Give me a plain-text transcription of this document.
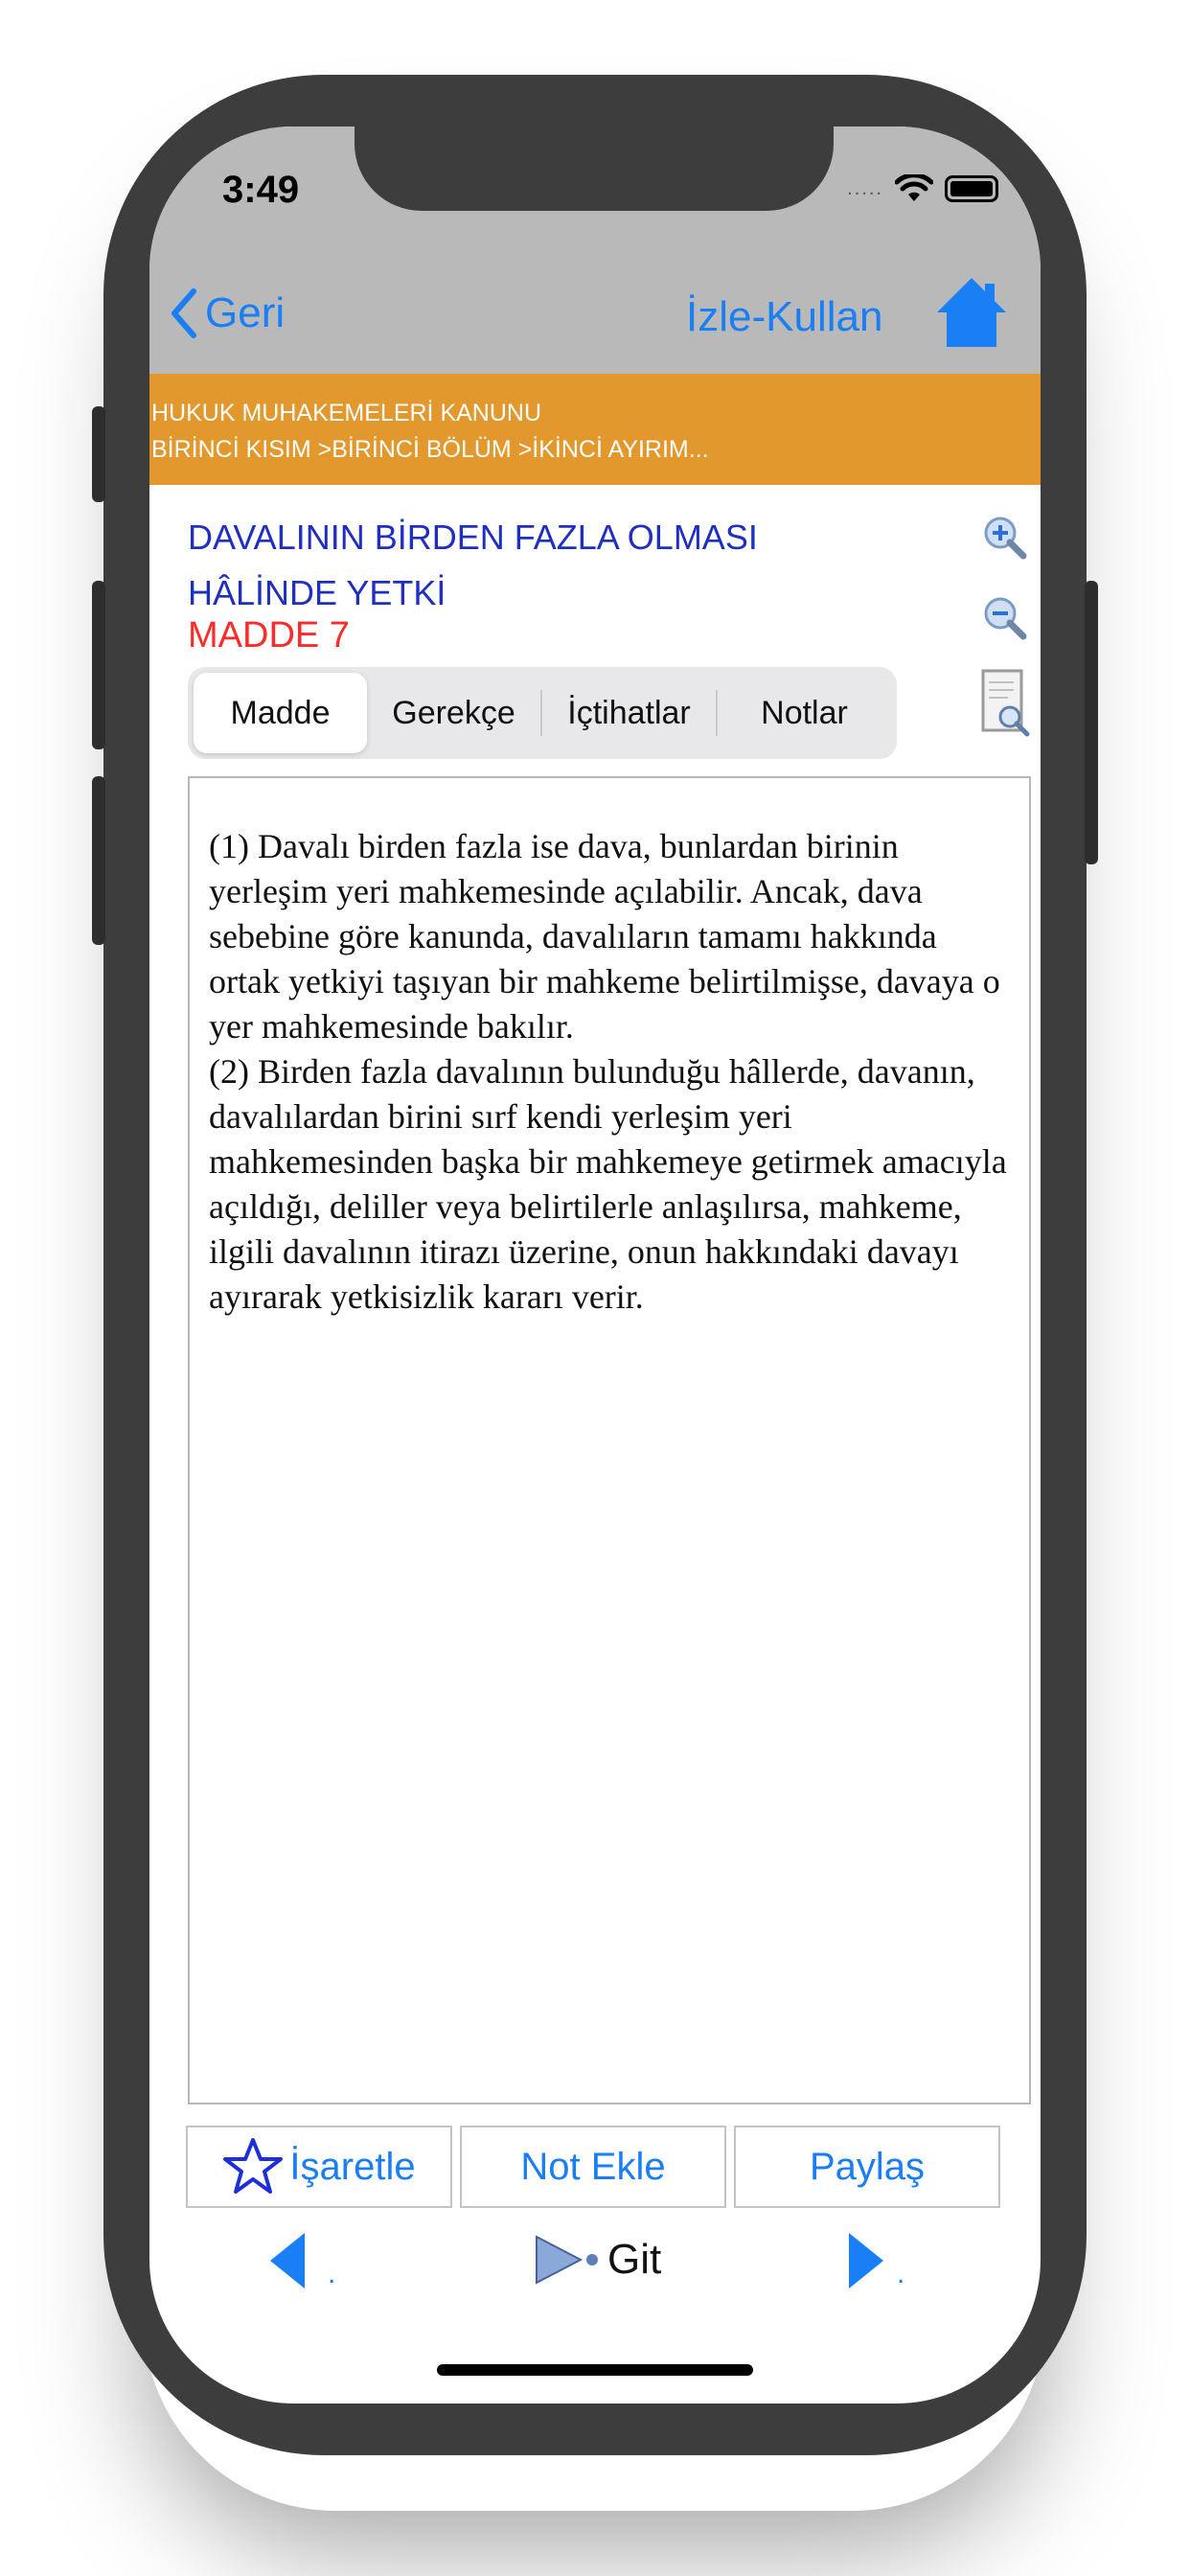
3:49	.....
Geri	İzle-Kullan
HUKUK MUHAKEMELERİ KANUNU
BİRİNCİ KISIM >BİRİNCİ BÖLÜM >İKİNCİ AYIRIM...
DAVALININ BİRDEN FAZLA OLMASI
HÂLİNDE YETKİ
MADDE 7
Madde	Gerekçe	İçtihatlar	Notlar

(1) Davalı birden fazla ise dava, bunlardan birinin yerleşim yeri mahkemesinde açılabilir. Ancak, dava sebebine göre kanunda, davalıların tamamı hakkında ortak yetkiyi taşıyan bir mahkeme belirtilmişse, davaya o yer mahkemesinde bakılır.

(2) Birden fazla davalının bulunduğu hâllerde, davanın, davalılardan birini sırf kendi yerleşim yeri mahkemesinden başka bir mahkemeye getirmek amacıyla açıldığı, deliller veya belirtilerle anlaşılırsa, mahkeme, ilgili davalının itirazı üzerine, onun hakkındaki davayı ayırarak yetkisizlik kararı verir.

İşaretle	Not Ekle	Paylaş
.	Git	.
